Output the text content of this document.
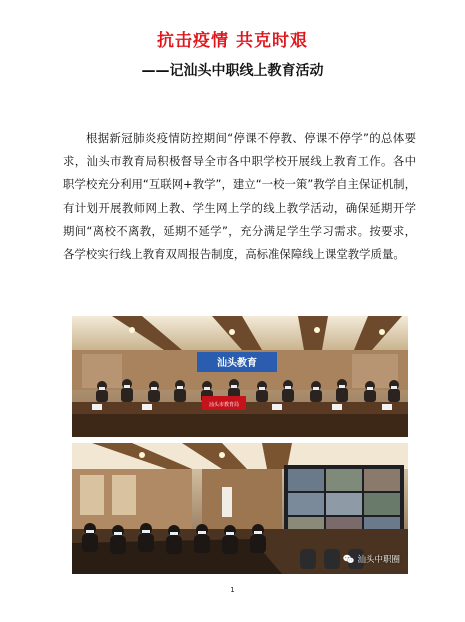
抗击疫情 共克时艰
——记汕头中职线上教育活动
根据新冠肺炎疫情防控期间“停课不停教、停课不停学”的总体要求，汕头市教育局积极督导全市各中职学校开展线上教育工作。各中职学校充分利用“互联网+教学”，建立“一校一策”教学自主保证机制，有计划开展教师网上教、学生网上学的线上教学活动，确保延期开学期间“离校不离教，延期不延学”，充分满足学生学习需求。按要求，各学校实行线上教育双周报告制度，高标准保障线上课堂教学质量。
汕头教育
汕头市教育局
汕头中职圈
1
